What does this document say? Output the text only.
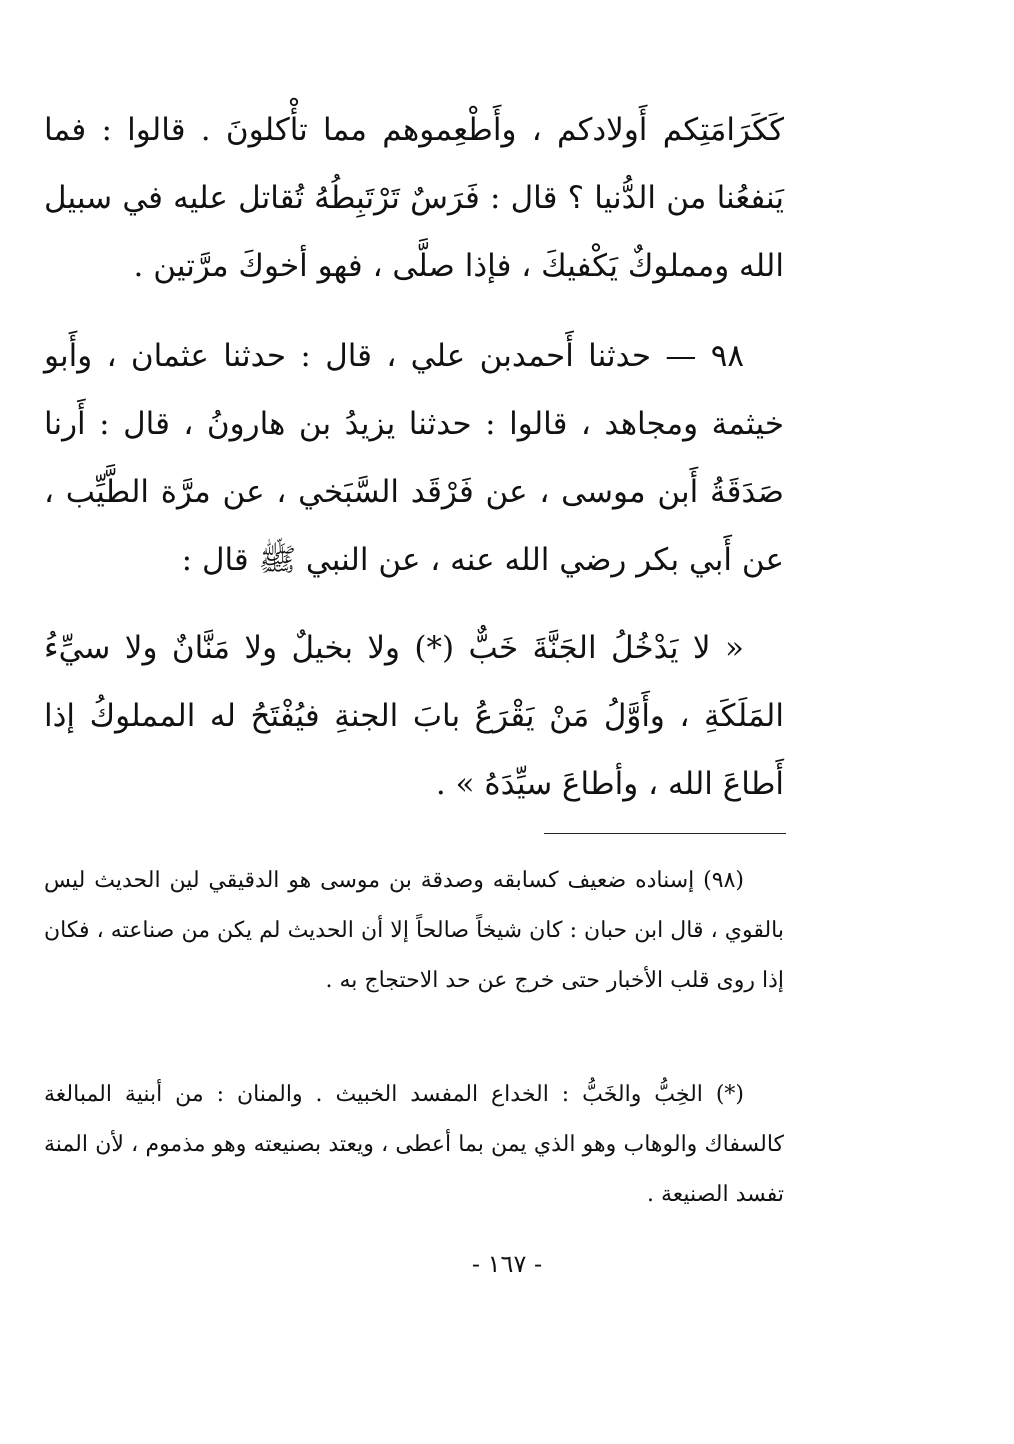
كَكَرَامَتِكم أَولادكم ، وأَطْعِموهم مما تأْكلونَ . قالوا : فما يَنفعُنا من الدُّنيا ؟ قال : فَرَسٌ تَرْتَبِطُهُ تُقاتل عليه في سبيل الله ومملوكٌ يَكْفيكَ ، فإذا صلَّى ، فهو أخوكَ مرَّتين .

٩٨ — حدثنا أَحمدبن علي ، قال : حدثنا عثمان ، وأَبو خيثمة ومجاهد ، قالوا : حدثنا يزيدُ بن هارونُ ، قال : أَرنا صَدَقَةُ أَبن موسى ، عن فَرْقَد السَّبَخي ، عن مرَّة الطَّيِّب ، عن أَبي بكر رضي الله عنه ، عن النبي ﷺ قال :

« لا يَدْخُلُ الجَنَّةَ خَبٌّ (*) ولا بخيلٌ ولا مَنَّانٌ ولا سيِّءُ المَلَكَةِ ، وأَوَّلُ مَنْ يَقْرَعُ بابَ الجنةِ فيُفْتَحُ له المملوكُ إذا أَطاعَ الله ، وأطاعَ سيِّدَهُ » .

(٩٨) إسناده ضعيف كسابقه وصدقة بن موسى هو الدقيقي لين الحديث ليس بالقوي ، قال ابن حبان : كان شيخاً صالحاً إلا أن الحديث لم يكن من صناعته ، فكان إذا روى قلب الأخبار حتى خرج عن حد الاحتجاج به .

(*) الخِبُّ والخَبُّ : الخداع المفسد الخبيث . والمنان : من أبنية المبالغة كالسفاك والوهاب وهو الذي يمن بما أعطى ، ويعتد بصنيعته وهو مذموم ، لأن المنة تفسد الصنيعة .

- ١٦٧ -
